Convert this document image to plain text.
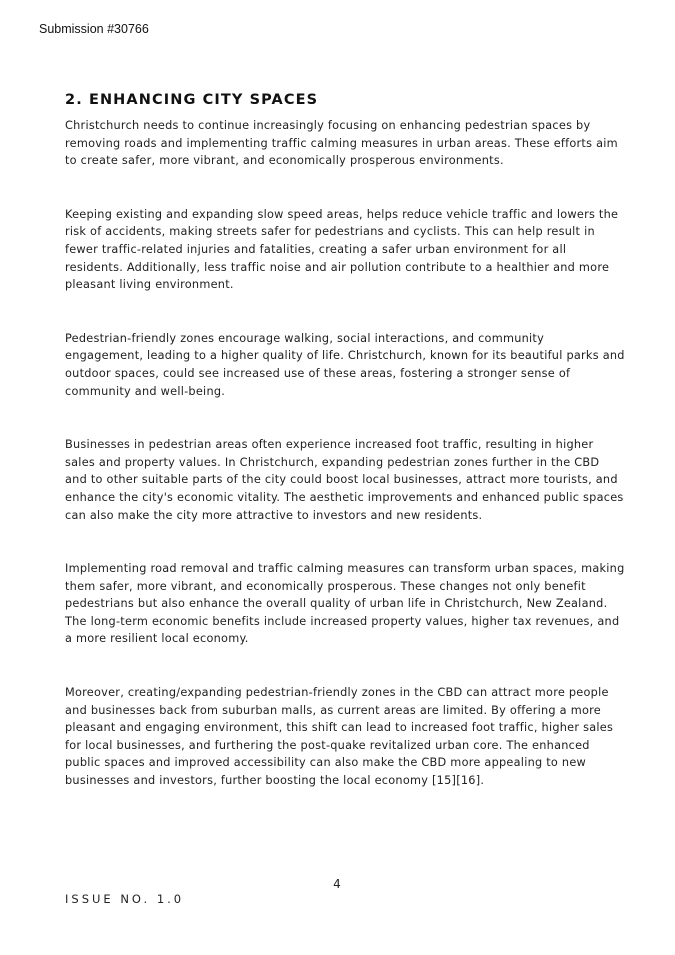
Submission #30766
2. ENHANCING CITY SPACES

Christchurch needs to continue increasingly focusing on enhancing pedestrian spaces by removing roads and implementing traffic calming measures in urban areas. These efforts aim to create safer, more vibrant, and economically prosperous environments.

Keeping existing and expanding slow speed areas, helps reduce vehicle traffic and lowers the risk of accidents, making streets safer for pedestrians and cyclists. This can help result in fewer traffic-related injuries and fatalities, creating a safer urban environment for all residents. Additionally, less traffic noise and air pollution contribute to a healthier and more pleasant living environment.

Pedestrian-friendly zones encourage walking, social interactions, and community engagement, leading to a higher quality of life. Christchurch, known for its beautiful parks and outdoor spaces, could see increased use of these areas, fostering a stronger sense of community and well-being.

Businesses in pedestrian areas often experience increased foot traffic, resulting in higher sales and property values. In Christchurch, expanding pedestrian zones further in the CBD and to other suitable parts of the city could boost local businesses, attract more tourists, and enhance the city's economic vitality. The aesthetic improvements and enhanced public spaces can also make the city more attractive to investors and new residents.

Implementing road removal and traffic calming measures can transform urban spaces, making them safer, more vibrant, and economically prosperous. These changes not only benefit pedestrians but also enhance the overall quality of urban life in Christchurch, New Zealand. The long-term economic benefits include increased property values, higher tax revenues, and a more resilient local economy.

Moreover, creating/expanding pedestrian-friendly zones in the CBD can attract more people and businesses back from suburban malls, as current areas are limited. By offering a more pleasant and engaging environment, this shift can lead to increased foot traffic, higher sales for local businesses, and furthering the post-quake revitalized urban core. The enhanced public spaces and improved accessibility can also make the CBD more appealing to new businesses and investors, further boosting the local economy [15][16].

4
ISSUE NO. 1.0
